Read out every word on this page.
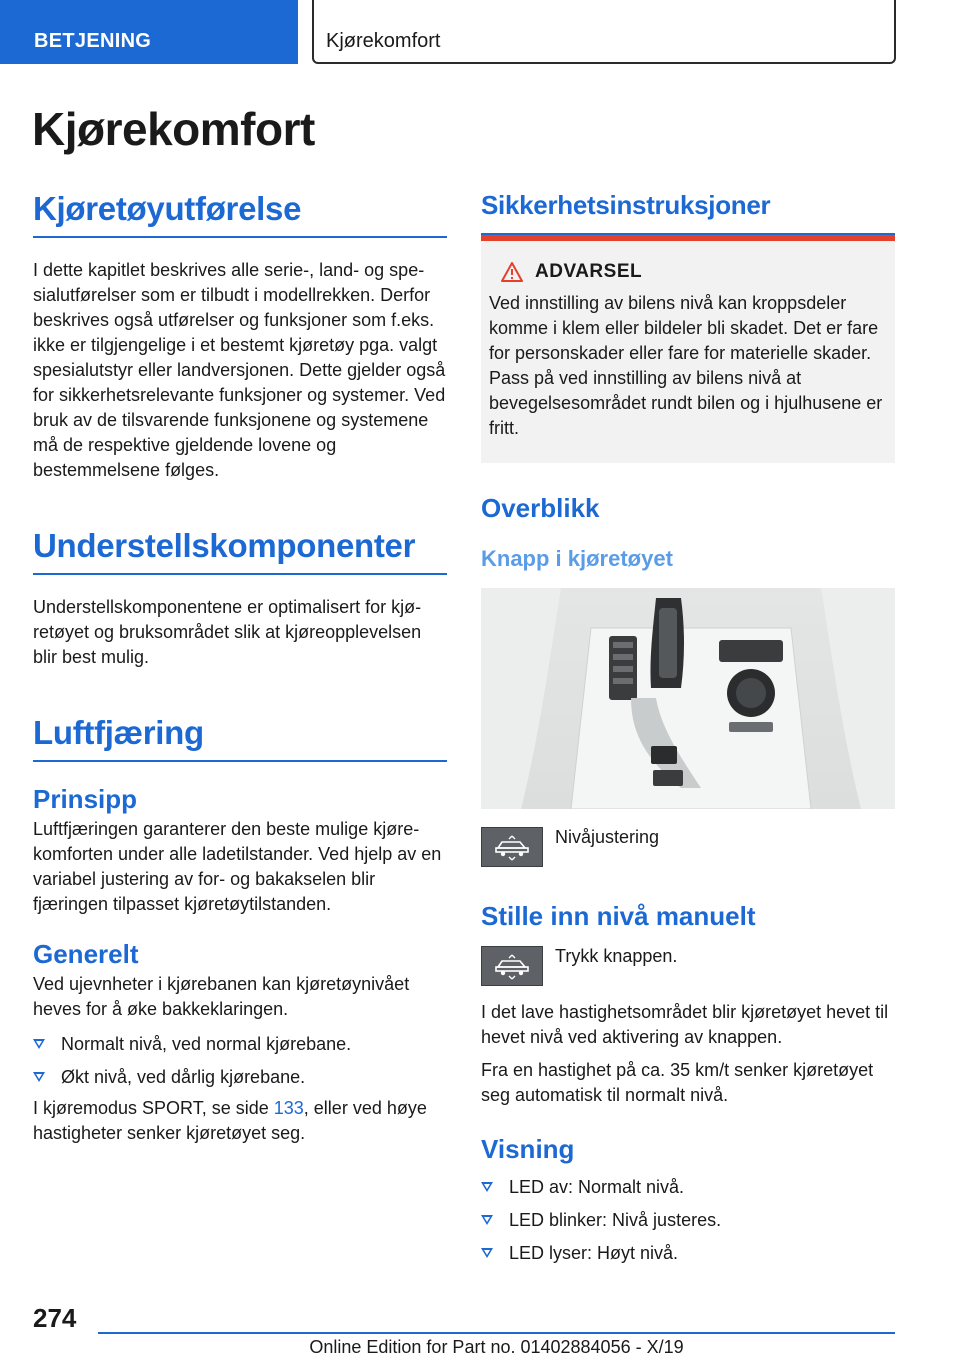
BETJENING	Kjørekomfort
Kjørekomfort
Kjøretøyutførelse

I dette kapitlet beskrives alle serie-, land- og spesialutførelser som er tilbudt i modellrekken. Derfor beskrives også utførelser og funksjoner som f.eks. ikke er tilgjengelige i et bestemt kjøretøy pga. valgt spesialutstyr eller landversjonen. Dette gjelder også for sikkerhetsrelevante funksjoner og systemer. Ved bruk av de tilsvarende funksjonene og systemene må de respektive gjeldende lovene og bestemmelsene følges.

Understellskomponenter

Understellskomponentene er optimalisert for kjøretøyet og bruksområdet slik at kjøreopplevelsen blir best mulig.

Luftfjæring
Prinsipp

Luftfjæringen garanterer den beste mulige kjørekomforten under alle ladetilstander. Ved hjelp av en variabel justering av for- og bakakselen blir fjæringen tilpasset kjøretøytilstanden.

Generelt

Ved ujevnheter i kjørebanen kan kjøretøynivået heves for å øke bakkeklaringen.

Normalt nivå, ved normal kjørebane.
Økt nivå, ved dårlig kjørebane.

I kjøremodus SPORT, se side 133, eller ved høye hastigheter senker kjøretøyet seg.

Sikkerhetsinstruksjoner
ADVARSEL

Ved innstilling av bilens nivå kan kroppsdeler komme i klem eller bildeler bli skadet. Det er fare for personskader eller fare for materielle skader. Pass på ved innstilling av bilens nivå at bevegelsesområdet rundt bilen og i hjulhusene er fritt.

Overblikk
Knapp i kjøretøyet
Nivåjustering
Stille inn nivå manuelt
Trykk knappen.

I det lave hastighetsområdet blir kjøretøyet hevet til hevet nivå ved aktivering av knappen.

Fra en hastighet på ca. 35 km/t senker kjøretøyet seg automatisk til normalt nivå.

Visning
LED av: Normalt nivå.
LED blinker: Nivå justeres.
LED lyser: Høyt nivå.
274
Online Edition for Part no. 01402884056 - X/19
